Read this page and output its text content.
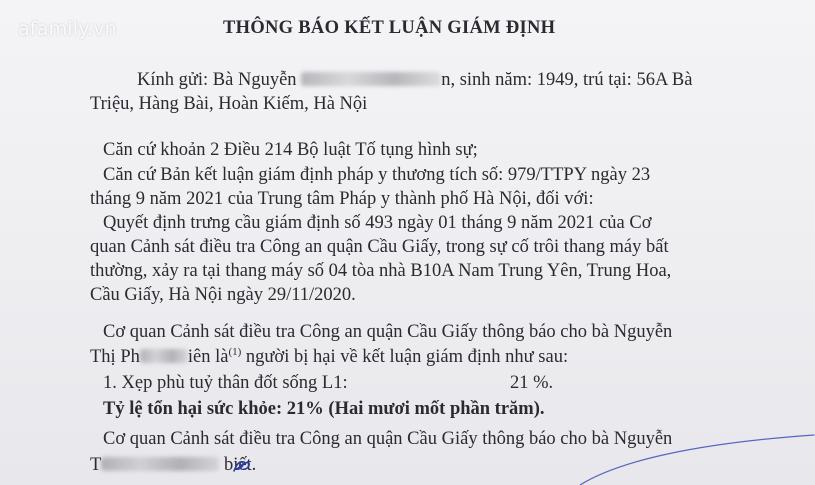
afamily.vn	THÔNG BÁO KẾT LUẬN GIÁM ĐỊNH
Kính gửi: Bà Nguyễn	n, sinh năm: 1949, trú tại: 56A Bà
Triệu, Hàng Bài, Hoàn Kiếm, Hà Nội
Căn cứ khoản 2 Điều 214 Bộ luật Tố tụng hình sự;
Căn cứ Bản kết luận giám định pháp y thương tích số: 979/TTPY ngày 23
tháng 9 năm 2021 của Trung tâm Pháp y thành phố Hà Nội, đối với:
Quyết định trưng cầu giám định số 493 ngày 01 tháng 9 năm 2021 của Cơ
quan Cảnh sát điều tra Công an quận Cầu Giấy, trong sự cố trôi thang máy bất
thường, xảy ra tại thang máy số 04 tòa nhà B10A Nam Trung Yên, Trung Hoa,
Cầu Giấy, Hà Nội ngày 29/11/2020.
Cơ quan Cảnh sát điều tra Công an quận Cầu Giấy thông báo cho bà Nguyễn
Thị Ph	iên $là^{(1)}$ người bị hại về kết luận giám định như sau:
1. Xẹp phù tuỷ thân đốt sống L1:	21 %.
Tỷ lệ tổn hại sức khỏe: 21% (Hai mươi mốt phần trăm).
Cơ quan Cảnh sát điều tra Công an quận Cầu Giấy thông báo cho bà Nguyễn
T	biết.
